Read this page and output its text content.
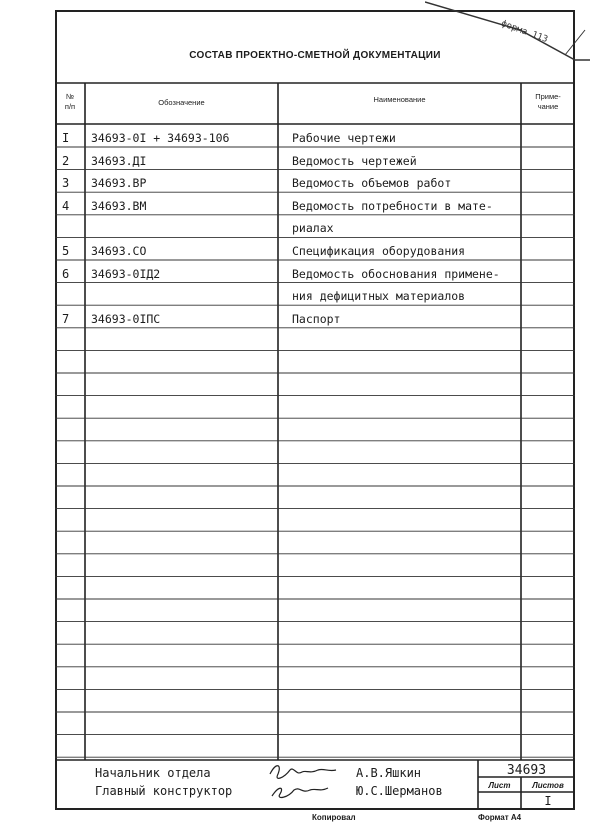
форма 113
СОСТАВ ПРОЕКТНО-СМЕТНОЙ ДОКУМЕНТАЦИИ
№
п/п	Обозначение	Наименование	Приме-
чание
I 34693-0I + 34693-106	Рабочие чертежи
2 34693.ДI	Ведомость чертежей
3 34693.ВР	Ведомость объемов работ
4 34693.ВМ	Ведомость потребности в мате-
риалах
5 34693.СО	Спецификация оборудования
6 34693-0ІД2	Ведомость обоснования примене-
ния дефицитных материалов
7 34693-0ІПС	Паспорт
Начальник отдела
Главный конструктор
А.В.Яшкин
Ю.С.Шерманов
34693
Лист	Листов
I
Копировал	Формат А4
